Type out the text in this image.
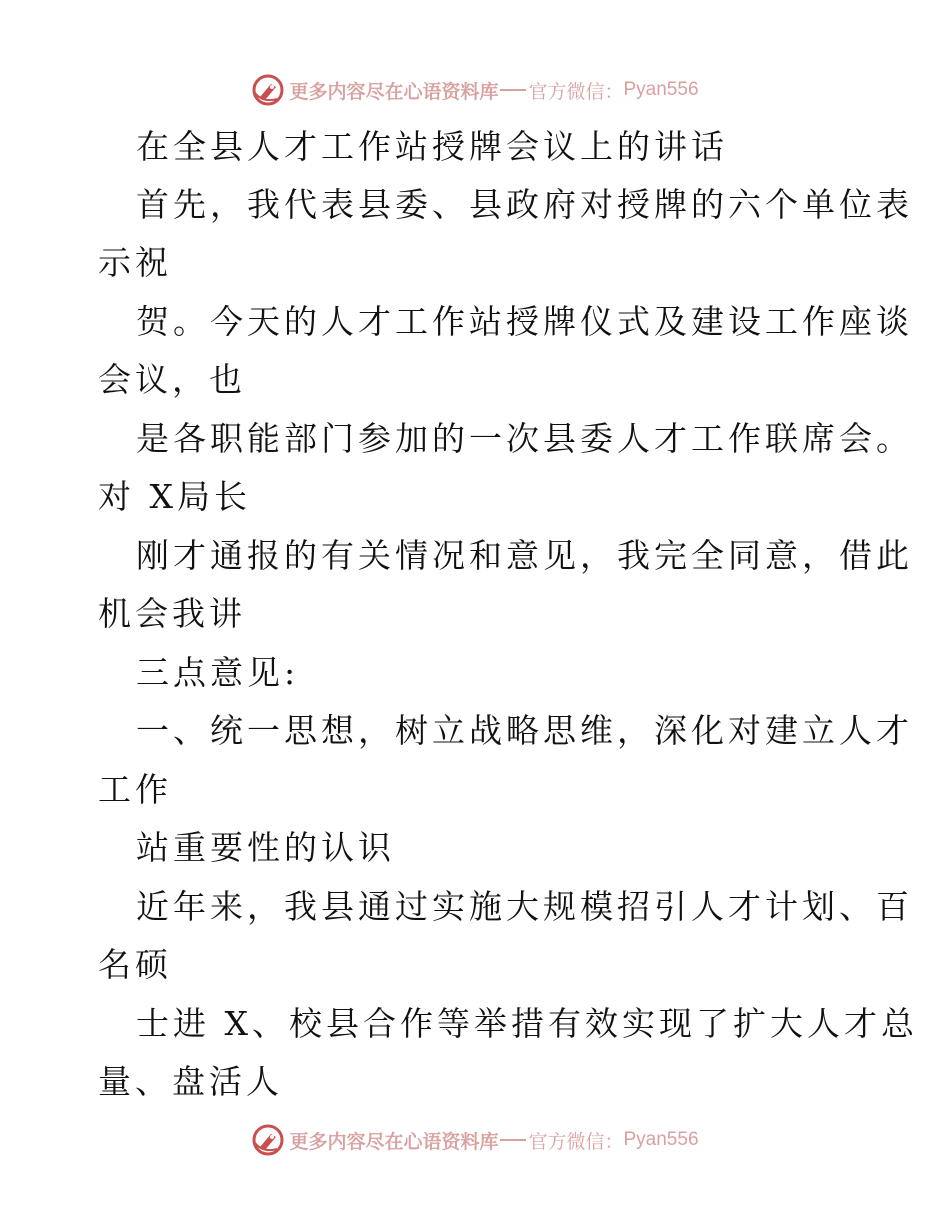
更多内容尽在心语资料库 官方微信： Pyan556
在全县人才工作站授牌会议上的讲话
首先，我代表县委、县政府对授牌的六个单位表
示祝
贺。今天的人才工作站授牌仪式及建设工作座谈
会议，也
是各职能部门参加的一次县委人才工作联席会。
对 X局长
刚才通报的有关情况和意见，我完全同意，借此
机会我讲
三点意见:
一、统一思想，树立战略思维，深化对建立人才
工作
站重要性的认识
近年来，我县通过实施大规模招引人才计划、百
名硕
士进 X、校县合作等举措有效实现了扩大人才总
量、盘活人
更多内容尽在心语资料库 官方微信： Pyan556
